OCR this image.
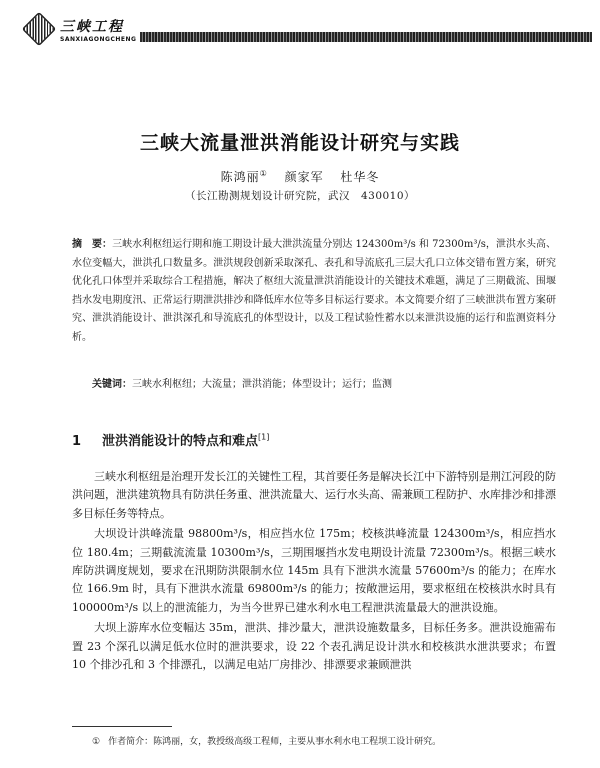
三峡工程
SANXIAGONGCHENG
三峡大流量泄洪消能设计研究与实践
陈鸿丽① 颜家军 杜华冬
（长江勘测规划设计研究院，武汉　430010）
摘　要：三峡水利枢纽运行期和施工期设计最大泄洪流量分别达 124300m³/s 和 72300m³/s，泄洪水头高、水位变幅大，泄洪孔口数量多。泄洪规段创新采取深孔、表孔和导流底孔三层大孔口立体交错布置方案，研究优化孔口体型并采取综合工程措施，解决了枢纽大流量泄洪消能设计的关键技术难题，满足了三期截流、围堰挡水发电期度汛、正常运行期泄洪排沙和降低库水位等多目标运行要求。本文简要介绍了三峡泄洪布置方案研究、泄洪消能设计、泄洪深孔和导流底孔的体型设计，以及工程试验性蓄水以来泄洪设施的运行和监测资料分析。
关键词：三峡水利枢纽；大流量；泄洪消能；体型设计；运行；监测
1 泄洪消能设计的特点和难点[1]

三峡水利枢纽是治理开发长江的关键性工程，其首要任务是解决长江中下游特别是荆江河段的防洪问题，泄洪建筑物具有防洪任务重、泄洪流量大、运行水头高、需兼顾工程防护、水库排沙和排漂多目标任务等特点。

大坝设计洪峰流量 98800m³/s，相应挡水位 175m；校核洪峰流量 124300m³/s，相应挡水位 180.4m；三期截流流量 10300m³/s，三期围堰挡水发电期设计流量 72300m³/s。根据三峡水库防洪调度规划，要求在汛期防洪限制水位 145m 具有下泄洪水流量 57600m³/s 的能力；在库水位 166.9m 时，具有下泄洪水流量 69800m³/s 的能力；按敞泄运用，要求枢纽在校核洪水时具有 100000m³/s 以上的泄流能力，为当今世界已建水利水电工程泄洪流量最大的泄洪设施。

大坝上游库水位变幅达 35m，泄洪、排沙量大，泄洪设施数量多，目标任务多。泄洪设施需布置 23 个深孔以满足低水位时的泄洪要求，设 22 个表孔满足设计洪水和校核洪水泄洪要求；布置 10 个排沙孔和 3 个排漂孔，以满足电站厂房排沙、排漂要求兼顾泄洪

① 作者简介：陈鸿丽，女，教授级高级工程师，主要从事水利水电工程坝工设计研究。
